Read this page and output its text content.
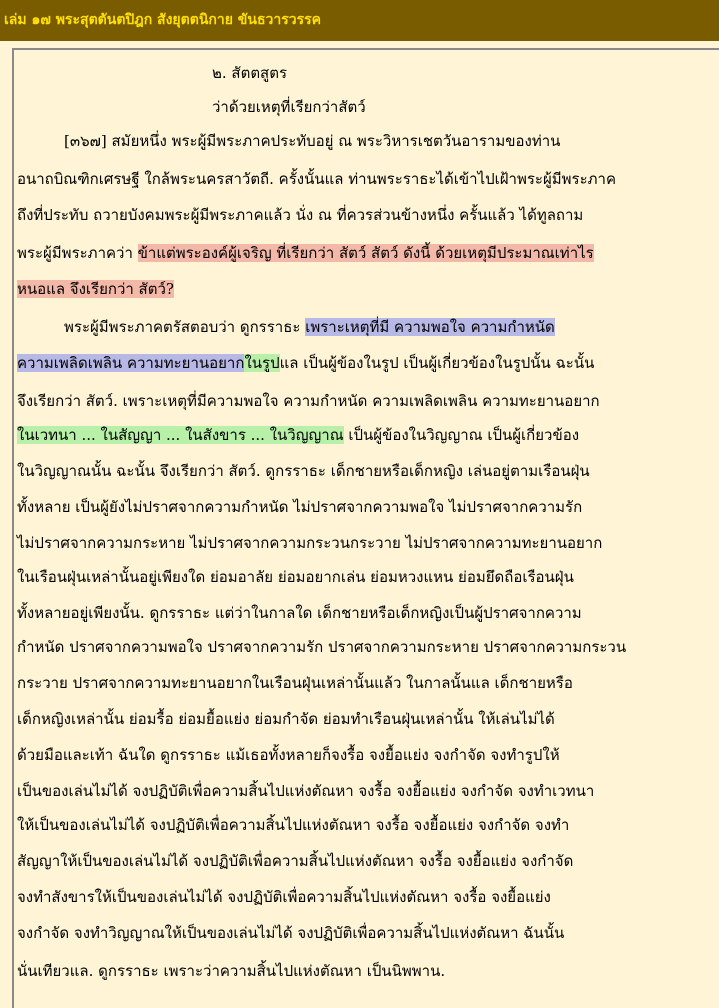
เล่ม ๑๗ พระสุตตันตปิฎก สังยุตตนิกาย ขันธวารวรรค
๒. สัตตสูตร
ว่าด้วยเหตุที่เรียกว่าสัตว์
[๓๖๗] สมัยหนึ่ง พระผู้มีพระภาคประทับอยู่ ณ พระวิหารเชตวันอารามของท่าน
อนาถบิณฑิกเศรษฐี ใกล้พระนครสาวัตถี. ครั้งนั้นแล ท่านพระราธะได้เข้าไปเฝ้าพระผู้มีพระภาค
ถึงที่ประทับ ถวายบังคมพระผู้มีพระภาคแล้ว นั่ง ณ ที่ควรส่วนข้างหนึ่ง ครั้นแล้ว ได้ทูลถาม
พระผู้มีพระภาคว่า ข้าแต่พระองค์ผู้เจริญ ที่เรียกว่า สัตว์ สัตว์ ดังนี้ ด้วยเหตุมีประมาณเท่าไร
หนอแล จึงเรียกว่า สัตว์?
พระผู้มีพระภาคตรัสตอบว่า ดูกรราธะ เพราะเหตุที่มี ความพอใจ ความกำหนัด
ความเพลิดเพลิน ความทะยานอยากในรูปแล เป็นผู้ข้องในรูป เป็นผู้เกี่ยวข้องในรูปนั้น ฉะนั้น
จึงเรียกว่า สัตว์. เพราะเหตุที่มีความพอใจ ความกำหนัด ความเพลิดเพลิน ความทะยานอยาก
ในเวทนา ... ในสัญญา ... ในสังขาร ... ในวิญญาณ เป็นผู้ข้องในวิญญาณ เป็นผู้เกี่ยวข้อง
ในวิญญาณนั้น ฉะนั้น จึงเรียกว่า สัตว์. ดูกรราธะ เด็กชายหรือเด็กหญิง เล่นอยู่ตามเรือนฝุ่น
ทั้งหลาย เป็นผู้ยังไม่ปราศจากความกำหนัด ไม่ปราศจากความพอใจ ไม่ปราศจากความรัก
ไม่ปราศจากความกระหาย ไม่ปราศจากความกระวนกระวาย ไม่ปราศจากความทะยานอยาก
ในเรือนฝุ่นเหล่านั้นอยู่เพียงใด ย่อมอาลัย ย่อมอยากเล่น ย่อมหวงแหน ย่อมยึดถือเรือนฝุ่น
ทั้งหลายอยู่เพียงนั้น. ดูกรราธะ แต่ว่าในกาลใด เด็กชายหรือเด็กหญิงเป็นผู้ปราศจากความ
กำหนัด ปราศจากความพอใจ ปราศจากความรัก ปราศจากความกระหาย ปราศจากความกระวน
กระวาย ปราศจากความทะยานอยากในเรือนฝุ่นเหล่านั้นแล้ว ในกาลนั้นแล เด็กชายหรือ
เด็กหญิงเหล่านั้น ย่อมรื้อ ย่อมยื้อแย่ง ย่อมกำจัด ย่อมทำเรือนฝุ่นเหล่านั้น ให้เล่นไม่ได้
ด้วยมือและเท้า ฉันใด ดูกรราธะ แม้เธอทั้งหลายก็จงรื้อ จงยื้อแย่ง จงกำจัด จงทำรูปให้
เป็นของเล่นไม่ได้ จงปฏิบัติเพื่อความสิ้นไปแห่งตัณหา จงรื้อ จงยื้อแย่ง จงกำจัด จงทำเวทนา
ให้เป็นของเล่นไม่ได้ จงปฏิบัติเพื่อความสิ้นไปแห่งตัณหา จงรื้อ จงยื้อแย่ง จงกำจัด จงทำ
สัญญาให้เป็นของเล่นไม่ได้ จงปฏิบัติเพื่อความสิ้นไปแห่งตัณหา จงรื้อ จงยื้อแย่ง จงกำจัด
จงทำสังขารให้เป็นของเล่นไม่ได้ จงปฏิบัติเพื่อความสิ้นไปแห่งตัณหา จงรื้อ จงยื้อแย่ง
จงกำจัด จงทำวิญญาณให้เป็นของเล่นไม่ได้ จงปฏิบัติเพื่อความสิ้นไปแห่งตัณหา ฉันนั้น
นั่นเทียวแล. ดูกรราธะ เพราะว่าความสิ้นไปแห่งตัณหา เป็นนิพพาน.
